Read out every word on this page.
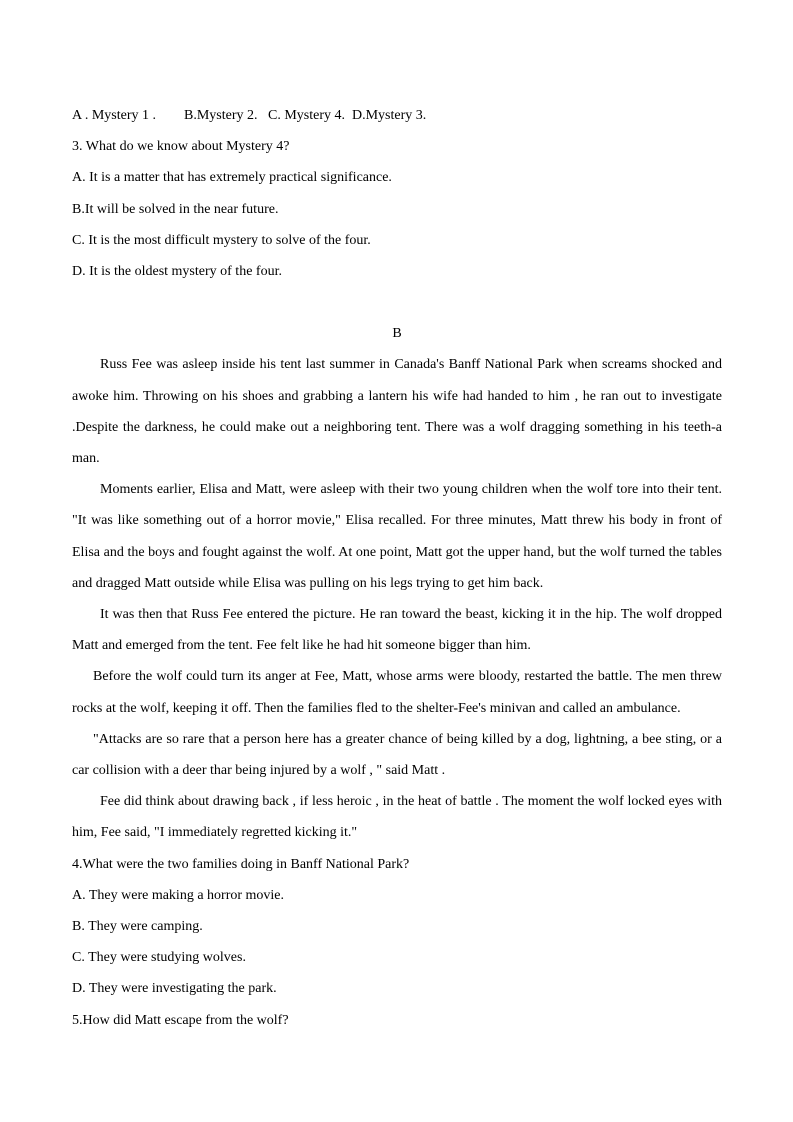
A . Mystery 1 . B.Mystery 2. C. Mystery 4. D.Mystery 3.
3. What do we know about Mystery 4?
A. It is a matter that has extremely practical significance.
B.It will be solved in the near future.
C. It is the most difficult mystery to solve of the four.
D. It is the oldest mystery of the four.
B

Russ Fee was asleep inside his tent last summer in Canada's Banff National Park when screams shocked and awoke him. Throwing on his shoes and grabbing a lantern his wife had handed to him , he ran out to investigate .Despite the darkness, he could make out a neighboring tent. There was a wolf dragging something in his teeth-a man.

Moments earlier, Elisa and Matt, were asleep with their two young children when the wolf tore into their tent. "It was like something out of a horror movie," Elisa recalled. For three minutes, Matt threw his body in front of Elisa and the boys and fought against the wolf. At one point, Matt got the upper hand, but the wolf turned the tables and dragged Matt outside while Elisa was pulling on his legs trying to get him back.

It was then that Russ Fee entered the picture. He ran toward the beast, kicking it in the hip. The wolf dropped Matt and emerged from the tent. Fee felt like he had hit someone bigger than him.

Before the wolf could turn its anger at Fee, Matt, whose arms were bloody, restarted the battle. The men threw rocks at the wolf, keeping it off. Then the families fled to the shelter-Fee's minivan and called an ambulance.

"Attacks are so rare that a person here has a greater chance of being killed by a dog, lightning, a bee sting, or a car collision with a deer thar being injured by a wolf , " said Matt .

Fee did think about drawing back , if less heroic , in the heat of battle . The moment the wolf locked eyes with him, Fee said, "I immediately regretted kicking it."

4.What were the two families doing in Banff National Park?
A. They were making a horror movie.
B. They were camping.
C. They were studying wolves.
D. They were investigating the park.
5.How did Matt escape from the wolf?
